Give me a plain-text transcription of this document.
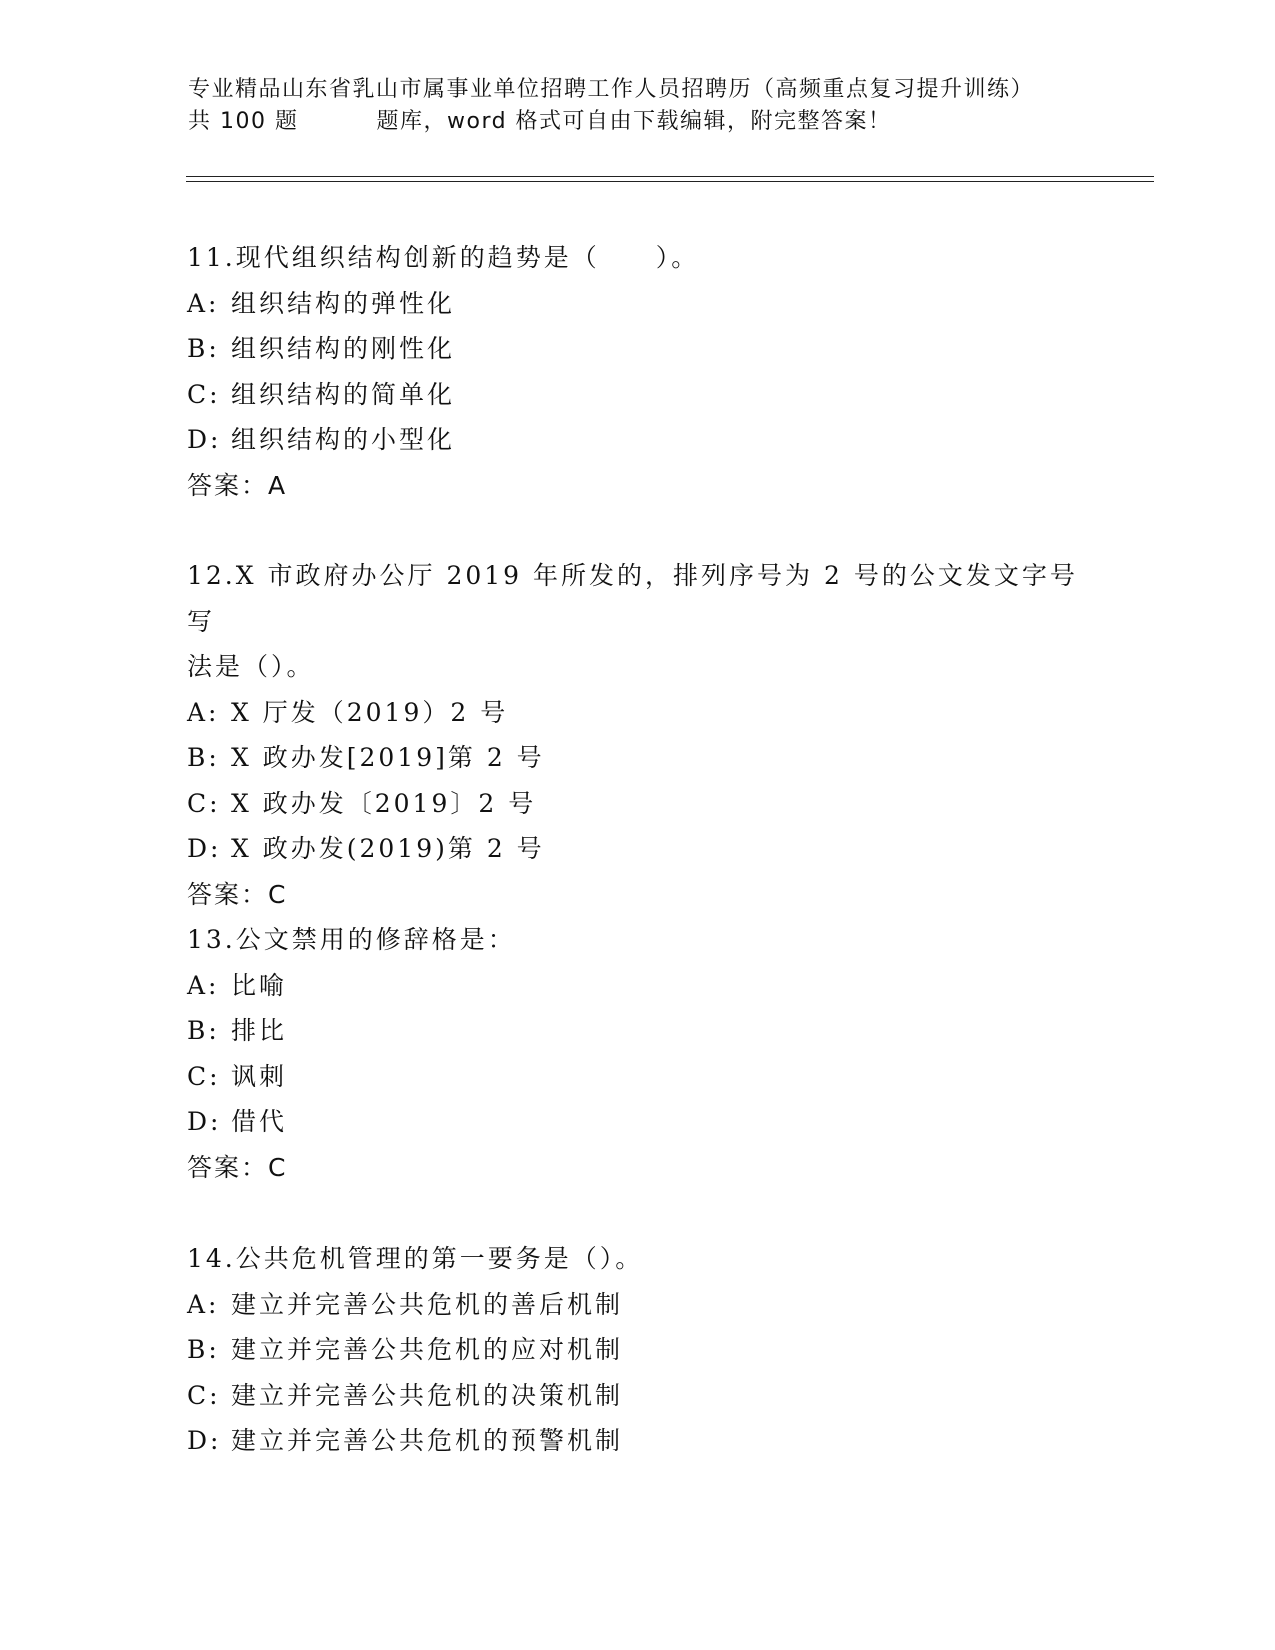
专业精品山东省乳山市属事业单位招聘工作人员招聘历（高频重点复习提升训练）
共 100 题	题库，word 格式可自由下载编辑，附完整答案！

11.现代组织结构创新的趋势是（　　）。

A: 组织结构的弹性化

B: 组织结构的刚性化

C: 组织结构的简单化

D: 组织结构的小型化

答案：A

12.X 市政府办公厅 2019 年所发的，排列序号为 2 号的公文发文字号写

法是（）。

A: X 厅发（2019）2 号

B: X 政办发[2019]第 2 号

C: X 政办发〔2019〕2 号

D: X 政办发(2019)第 2 号

答案：C

13.公文禁用的修辞格是：

A: 比喻

B: 排比

C: 讽刺

D: 借代

答案：C

14.公共危机管理的第一要务是（）。

A: 建立并完善公共危机的善后机制

B: 建立并完善公共危机的应对机制

C: 建立并完善公共危机的决策机制

D: 建立并完善公共危机的预警机制
